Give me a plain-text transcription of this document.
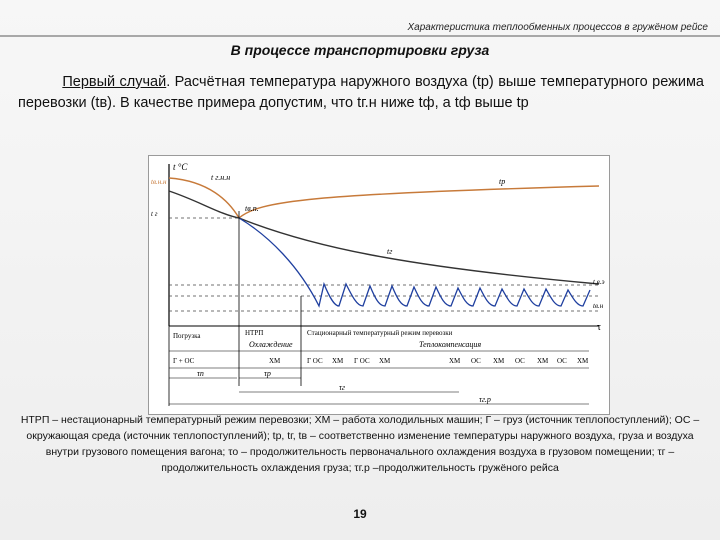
Характеристика теплообменных процессов в гружёном рейсе
В процессе транспортировки груза
Первый случай. Расчётная температура наружного воздуха (tр) выше температурного режима перевозки (tв). В качестве примера допустим, что tг.н ниже tф, а tф выше tр
t °C
tв.н.н
t г
t г.н.н	tр
tг
tв.п.
t в.э
tв.н
τ
Погрузка	НТРП	Стационарный температурный режим перевозки
Охлаждение	Теплокомпенсация
Г + ОС	ХМ	Г ОС ХМ Г ОС ХМ	ХМ ОС ХМ ОС ХМ ОС ХМ
τп	τр
τг
τг.р
НТРП – нестационарный температурный режим перевозки; ХМ – работа холодильных машин; Г – груз (источник теплопоступлений); ОС – окружающая среда (источник теплопоступлений); tр, tг, tв – соответственно изменение температуры наружного воздуха, груза и воздуха внутри грузового помещения вагона; τо – продолжительность первоначального охлаждения воздуха в грузовом помещении; τг – продолжительность охлаждения груза; τг.р –продолжительность гружёного рейса
19
